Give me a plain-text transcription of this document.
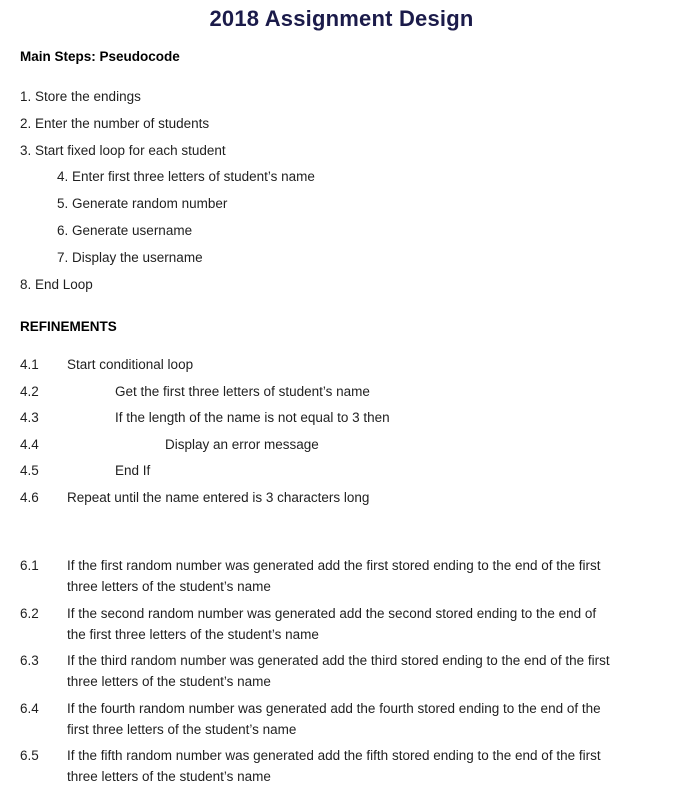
2018 Assignment Design
Main Steps: Pseudocode

1. Store the endings

2. Enter the number of students

3. Start fixed loop for each student

4. Enter first three letters of student’s name

5. Generate random number

6. Generate username

7. Display the username

8. End Loop

REFINEMENTS
4.1	Start conditional loop
4.2	Get the first three letters of student’s name
4.3	If the length of the name is not equal to 3 then
4.4	Display an error message
4.5	End If
4.6	Repeat until the name entered is 3 characters long
6.1	If the first random number was generated add the first stored ending to the end of the first three letters of the student’s name
6.2	If the second random number was generated add the second stored ending to the end of the first three letters of the student’s name
6.3	If the third random number was generated add the third stored ending to the end of the first three letters of the student’s name
6.4	If the fourth random number was generated add the fourth stored ending to the end of the first three letters of the student’s name
6.5	If the fifth random number was generated add the fifth stored ending to the end of the first three letters of the student’s name
